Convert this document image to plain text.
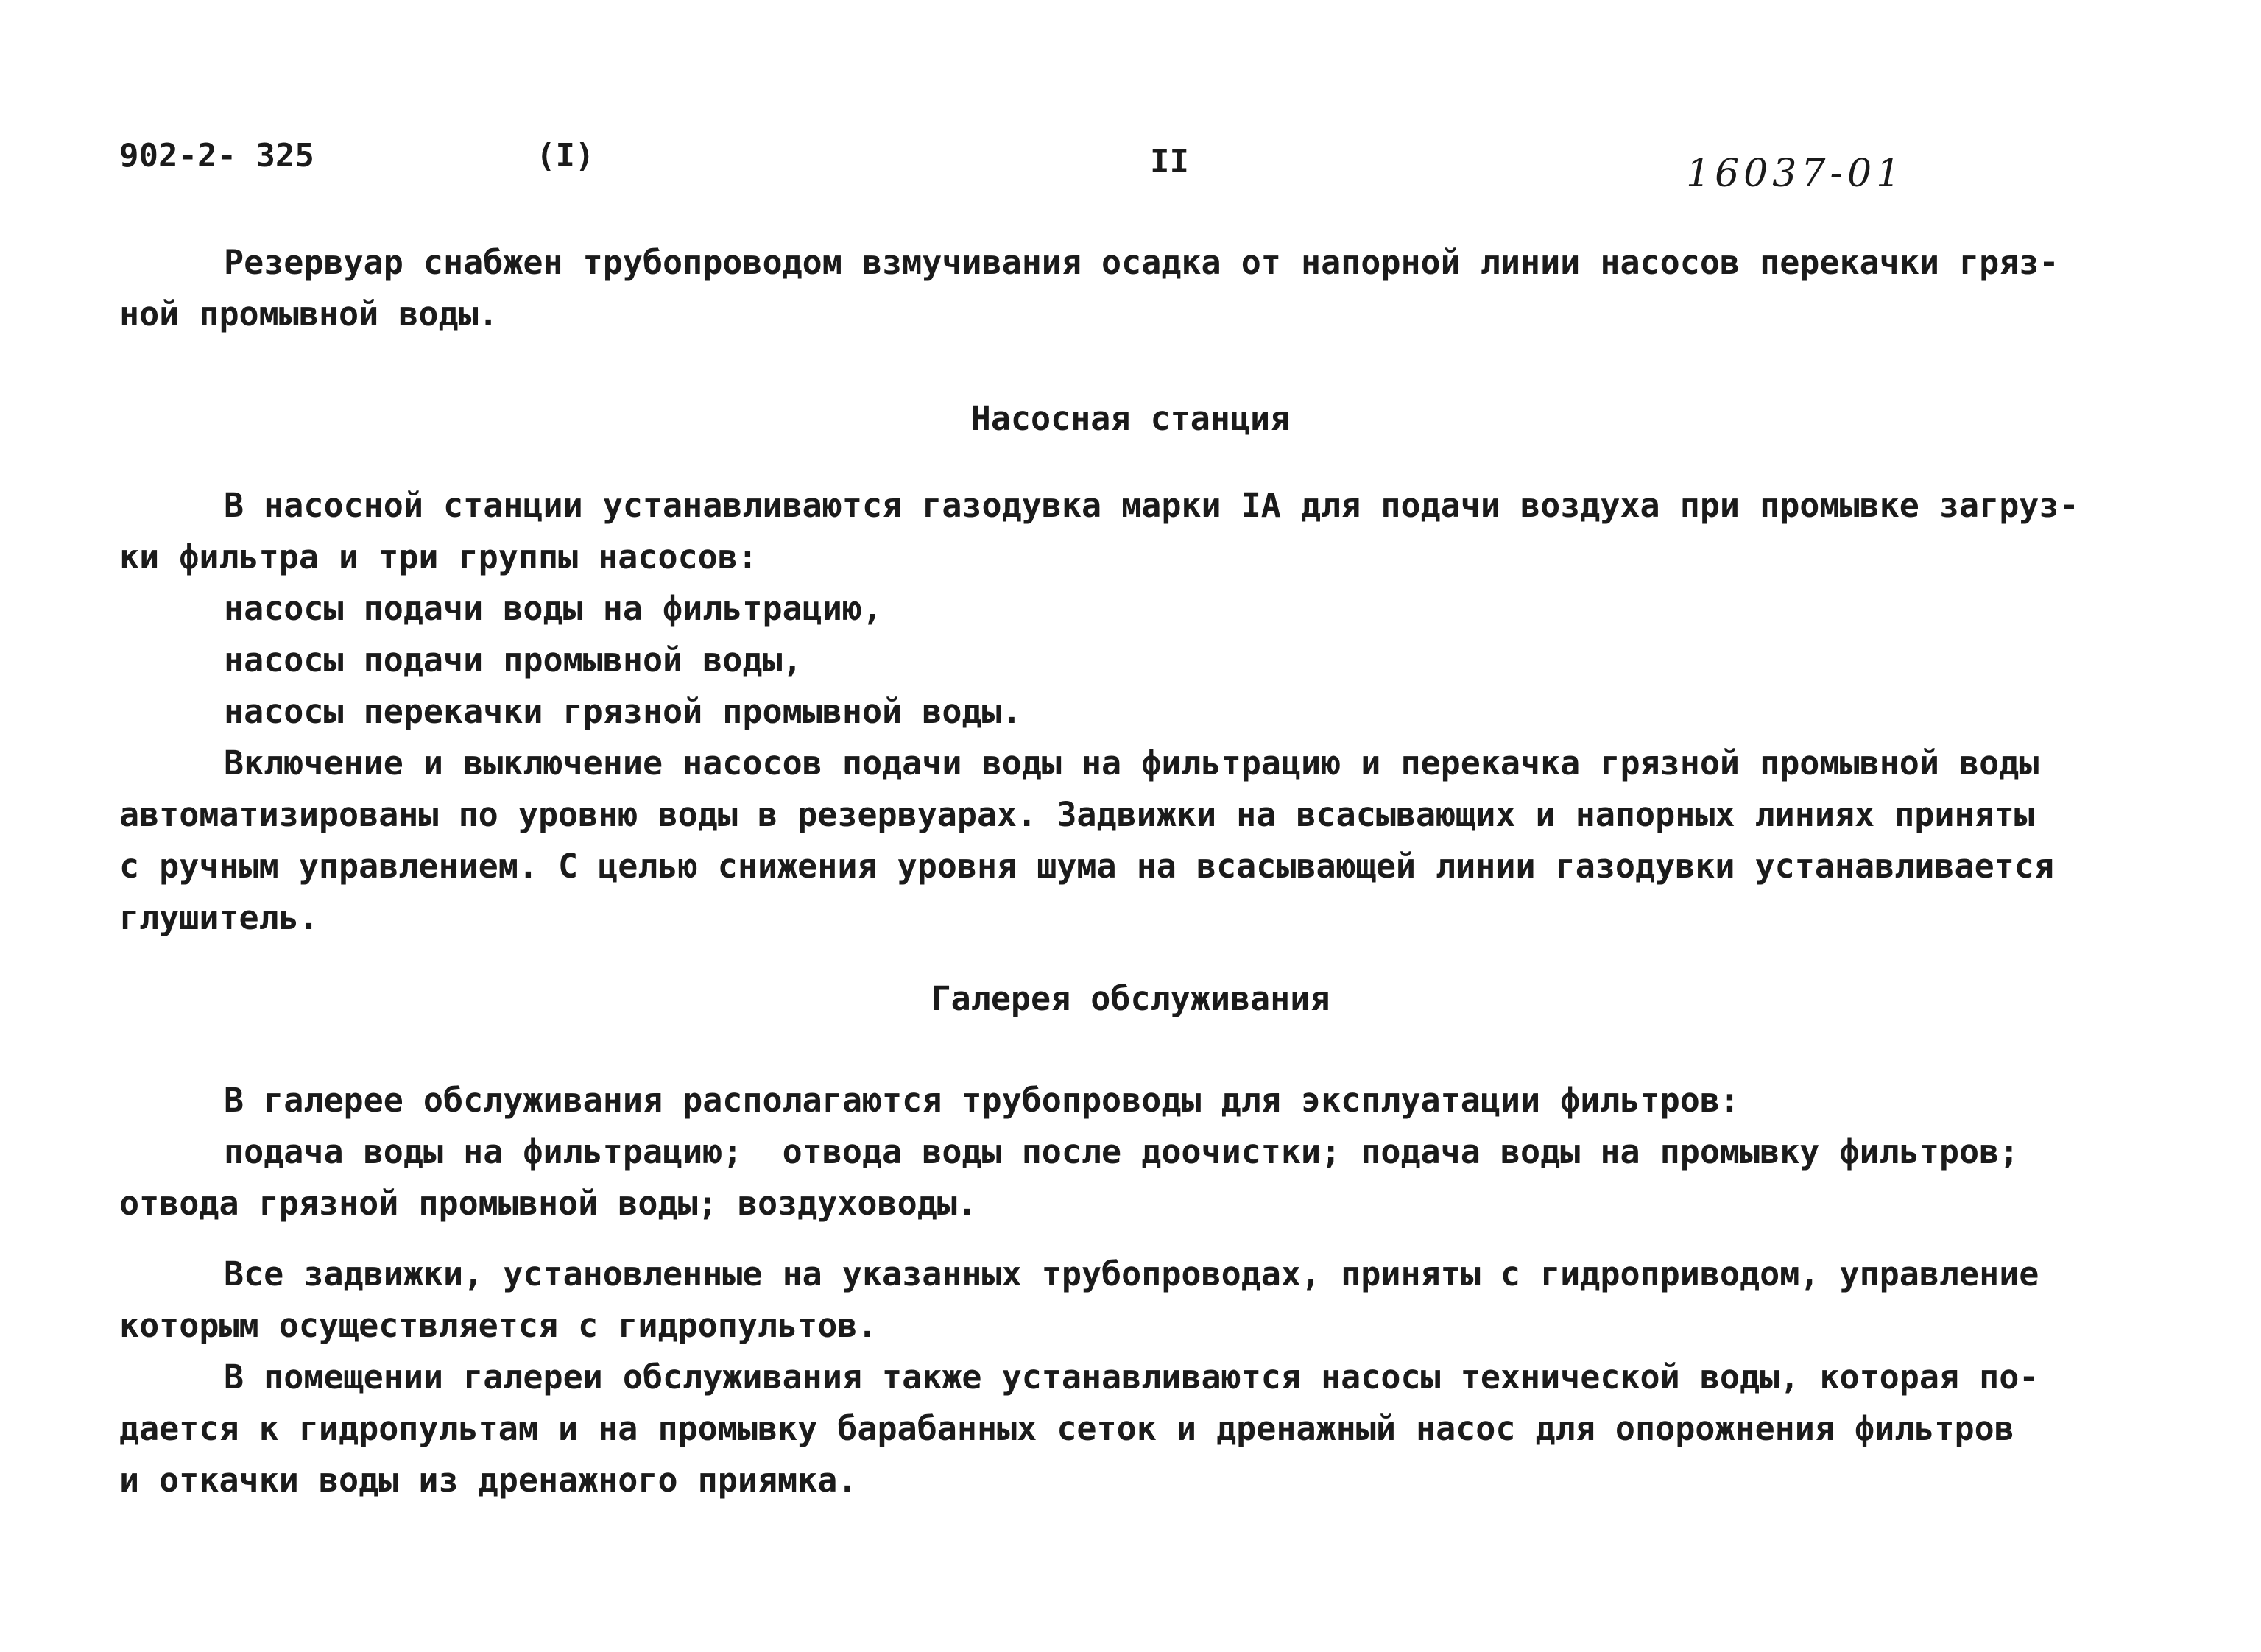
902-2- 325	(I)	II	16037-01

Резервуар снабжен трубопроводом взмучивания осадка от напорной линии насосов перекачки гряз-
ной промывной воды.

Насосная станция

В насосной станции устанавливаются газодувка марки IA для подачи воздуха при промывке загруз-
ки фильтра и три группы насосов:
насосы подачи воды на фильтрацию,
насосы подачи промывной воды,
насосы перекачки грязной промывной воды.
Включение и выключение насосов подачи воды на фильтрацию и перекачка грязной промывной воды
автоматизированы по уровню воды в резервуарах. Задвижки на всасывающих и напорных линиях приняты
с ручным управлением. С целью снижения уровня шума на всасывающей линии газодувки устанавливается
глушитель.

Галерея обслуживания

В галерее обслуживания располагаются трубопроводы для эксплуатации фильтров:
подача воды на фильтрацию;  отвода воды после доочистки; подача воды на промывку фильтров;
отвода грязной промывной воды; воздуховоды.

Все задвижки, установленные на указанных трубопроводах, приняты с гидроприводом, управление
которым осуществляется с гидропультов.

В помещении галереи обслуживания также устанавливаются насосы технической воды, которая по-
дается к гидропультам и на промывку барабанных сеток и дренажный насос для опорожнения фильтров
и откачки воды из дренажного приямка.
